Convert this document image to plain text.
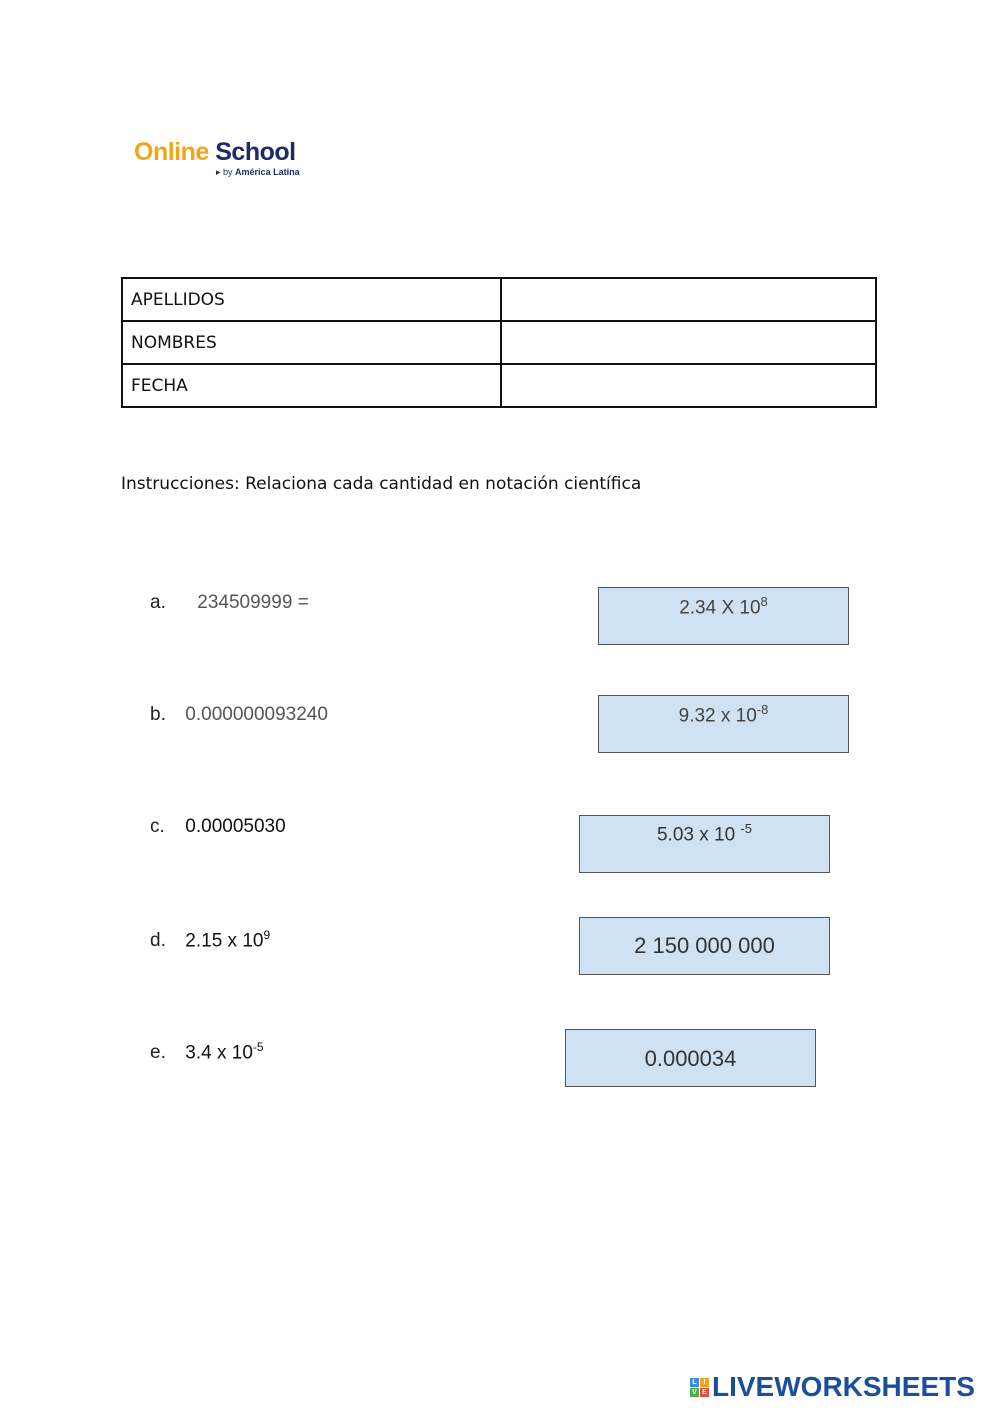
Online School
▸ by América Latina
APELLIDOS	
NOMBRES	
FECHA	
Instrucciones: Relaciona cada cantidad en notación científica
a. 234509999 =
b. 0.000000093240
c. 0.00005030
d. 2.15 x $10^9$
e. 3.4 x $10^{-5}$
2.34 X $10^8$
9.32 x $10^{-8}$
5.03 x 10 $^{-5}$
2 150 000 000
0.000034
L I
V E LIVEWORKSHEETS
